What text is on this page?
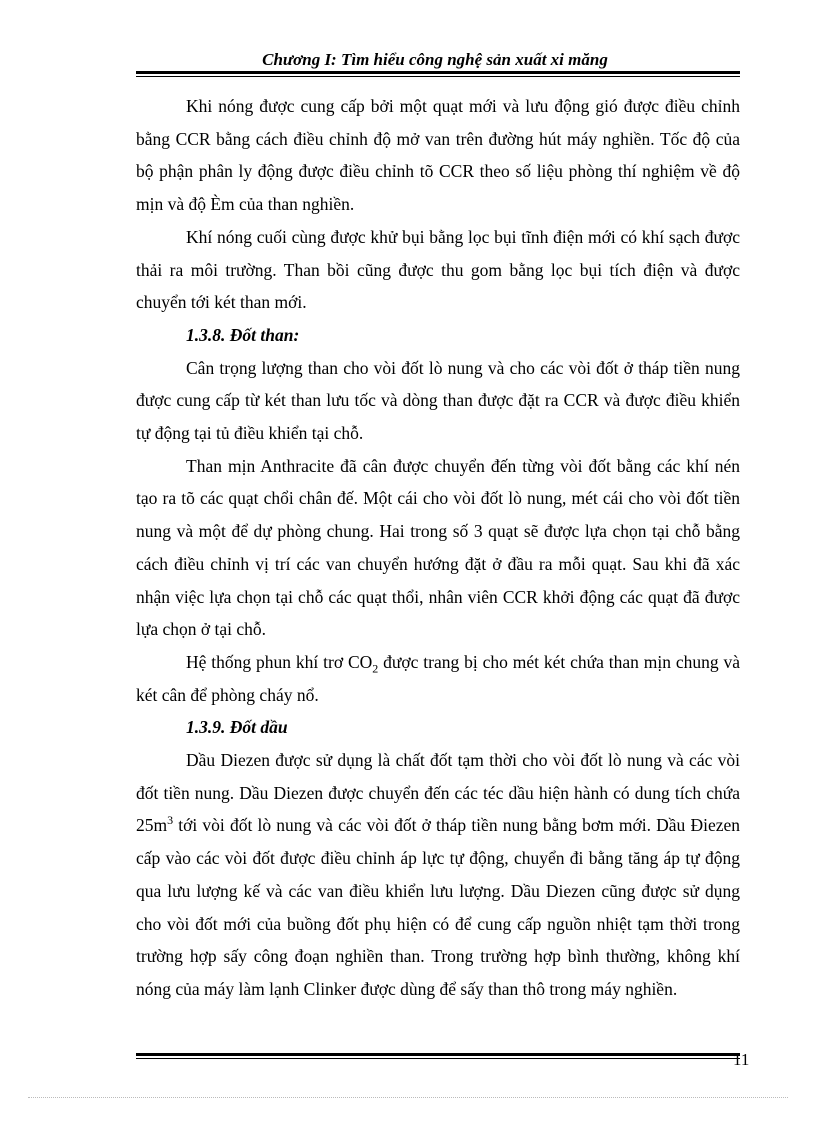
Chương I: Tìm hiểu công nghệ sản xuất xi măng

Khi nóng được cung cấp bởi một quạt mới và lưu động gió được điều chỉnh bằng CCR bằng cách điều chỉnh độ mở van trên đường hút máy nghiền. Tốc độ của bộ phận phân ly động được điều chỉnh tõ CCR theo số liệu phòng thí nghiệm về độ mịn và độ Èm của than nghiền.

Khí nóng cuối cùng được khử bụi bằng lọc bụi tĩnh điện mới có khí sạch được thải ra môi trường. Than bồi cũng được thu gom bằng lọc bụi tích điện và được chuyển tới két than mới.

1.3.8. Đốt than:

Cân trọng lượng than cho vòi đốt lò nung và cho các vòi đốt ở tháp tiền nung được cung cấp từ két than lưu tốc và dòng than được đặt ra CCR và được điều khiển tự động tại tủ điều khiển tại chỗ.

Than mịn Anthracite đã cân được chuyển đến từng vòi đốt bằng các khí nén tạo ra tõ các quạt chổi chân đế. Một cái cho vòi đốt lò nung, mét cái cho vòi đốt tiền nung và một để dự phòng chung. Hai trong số 3 quạt sẽ được lựa chọn tại chỗ bằng cách điều chỉnh vị trí các van chuyển hướng đặt ở đầu ra mỗi quạt. Sau khi đã xác nhận việc lựa chọn tại chỗ các quạt thổi, nhân viên CCR khởi động các quạt đã được lựa chọn ở tại chỗ.

Hệ thống phun khí trơ $CO_2$ được trang bị cho mét két chứa than mịn chung và két cân để phòng cháy nổ.

1.3.9. Đốt dầu

Dầu Diezen được sử dụng là chất đốt tạm thời cho vòi đốt lò nung và các vòi đốt tiền nung. Dầu Diezen được chuyển đến các téc dầu hiện hành có dung tích chứa $25m^3$ tới vòi đốt lò nung và các vòi đốt ở tháp tiền nung bằng bơm mới. Dầu Điezen cấp vào các vòi đốt được điều chỉnh áp lực tự động, chuyển đi bằng tăng áp tự động qua lưu lượng kế và các van điều khiển lưu lượng. Dầu Diezen cũng được sử dụng cho vòi đốt mới của buồng đốt phụ hiện có để cung cấp nguồn nhiệt tạm thời trong trường hợp sấy công đoạn nghiền than. Trong trường hợp bình thường, không khí nóng của máy làm lạnh Clinker được dùng để sấy than thô trong máy nghiền.

11
